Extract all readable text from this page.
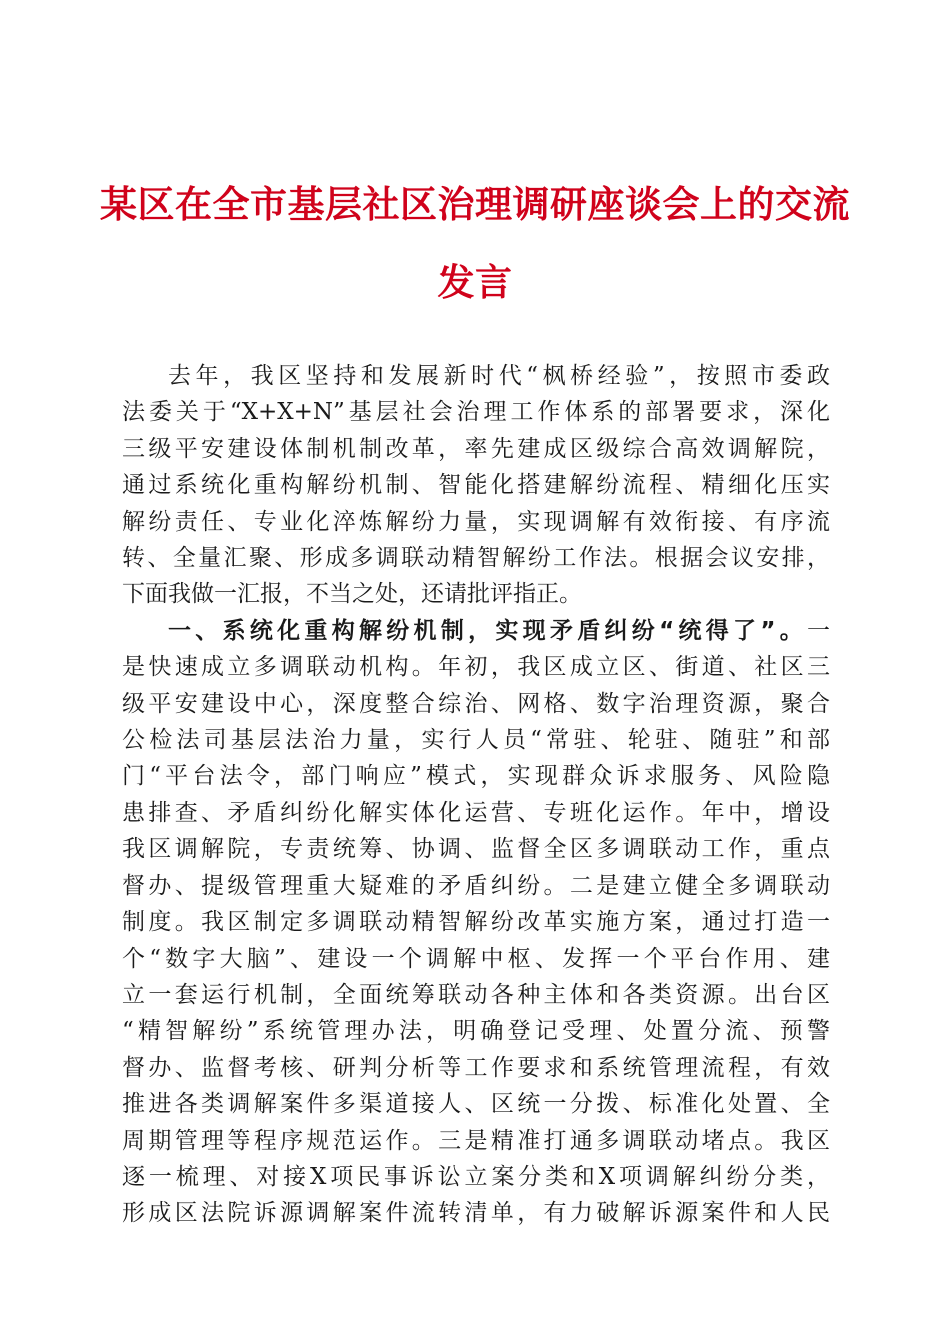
某区在全市基层社区治理调研座谈会上的交流
发言

去年，我区坚持和发展新时代“枫桥经验”，按照市委政
法委关于“X+X+N”基层社会治理工作体系的部署要求，深化
三级平安建设体制机制改革，率先建成区级综合高效调解院，
通过系统化重构解纷机制、智能化搭建解纷流程、精细化压实
解纷责任、专业化淬炼解纷力量，实现调解有效衔接、有序流
转、全量汇聚、形成多调联动精智解纷工作法。根据会议安排，
下面我做一汇报，不当之处，还请批评指正。

一、系统化重构解纷机制，实现矛盾纠纷“统得了”。一
是快速成立多调联动机构。年初，我区成立区、街道、社区三
级平安建设中心，深度整合综治、网格、数字治理资源，聚合
公检法司基层法治力量，实行人员“常驻、轮驻、随驻”和部
门“平台法令，部门响应”模式，实现群众诉求服务、风险隐
患排查、矛盾纠纷化解实体化运营、专班化运作。年中，增设
我区调解院，专责统筹、协调、监督全区多调联动工作，重点
督办、提级管理重大疑难的矛盾纠纷。二是建立健全多调联动
制度。我区制定多调联动精智解纷改革实施方案，通过打造一
个“数字大脑”、建设一个调解中枢、发挥一个平台作用、建
立一套运行机制，全面统筹联动各种主体和各类资源。出台区
“精智解纷”系统管理办法，明确登记受理、处置分流、预警
督办、监督考核、研判分析等工作要求和系统管理流程，有效
推进各类调解案件多渠道接人、区统一分拨、标准化处置、全
周期管理等程序规范运作。三是精准打通多调联动堵点。我区
逐一梳理、对接X项民事诉讼立案分类和X项调解纠纷分类，
形成区法院诉源调解案件流转清单，有力破解诉源案件和人民
